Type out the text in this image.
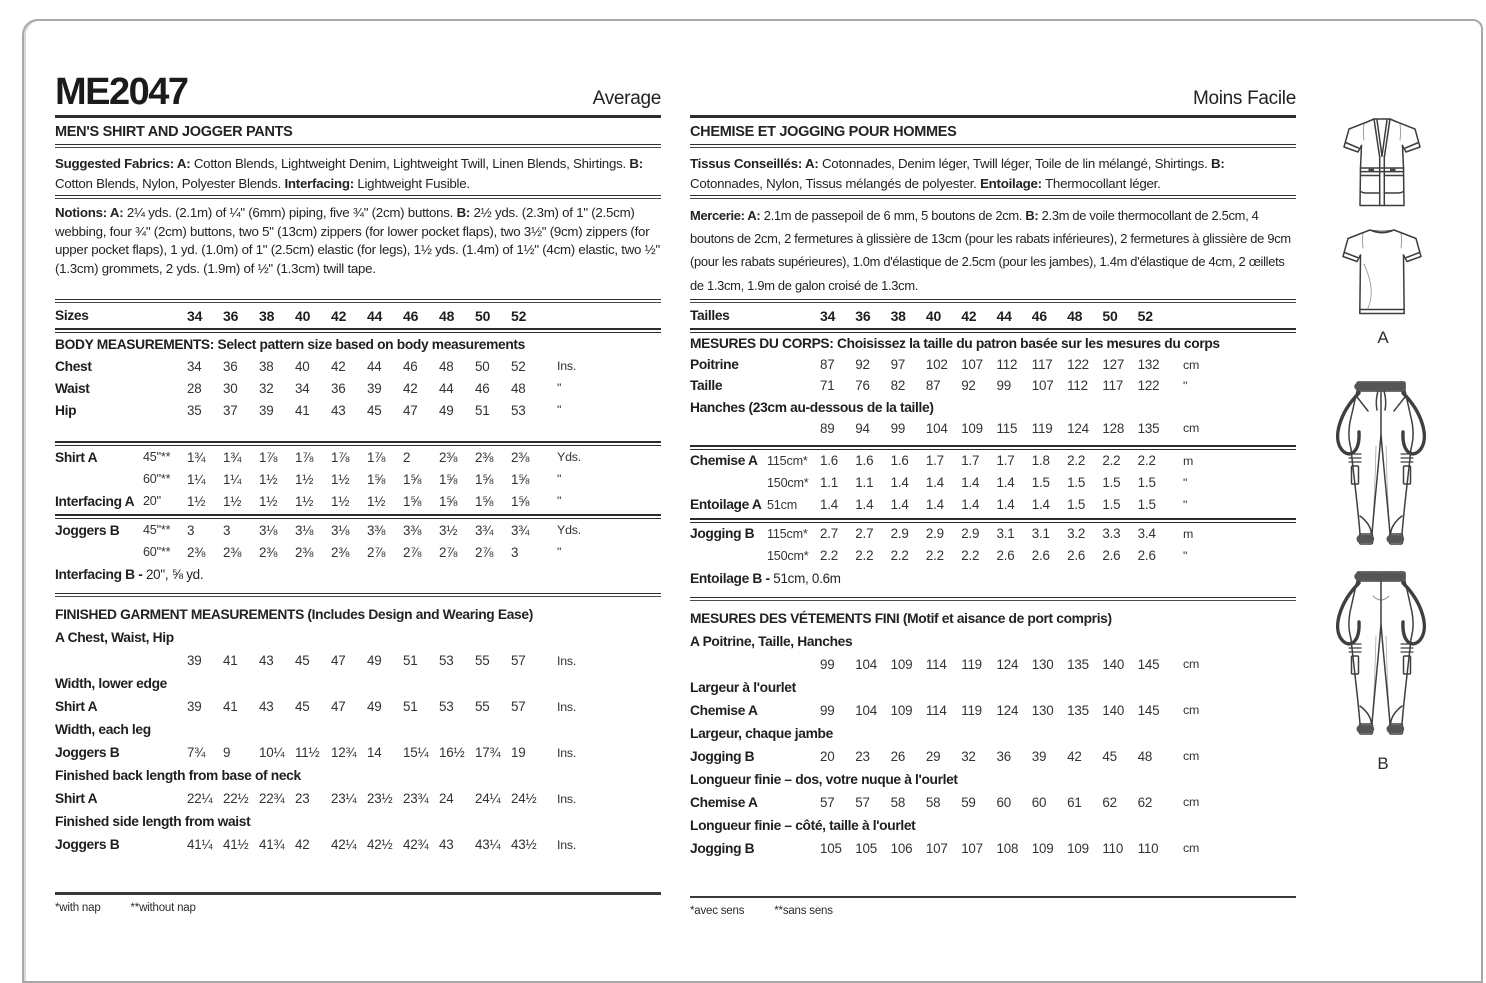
ME2047	Average
MEN'S SHIRT AND JOGGER PANTS
Suggested Fabrics: A: Cotton Blends, Lightweight Denim, Lightweight Twill, Linen Blends, Shirtings. B: Cotton Blends, Nylon, Polyester Blends. Interfacing: Lightweight Fusible.
Notions: A: 2¼ yds. (2.1m) of ¼" (6mm) piping, five ¾" (2cm) buttons. B: 2½ yds. (2.3m) of 1" (2.5cm) webbing, four ¾" (2cm) buttons, two 5" (13cm) zippers (for lower pocket flaps), two 3½" (9cm) zippers (for upper pocket flaps), 1 yd. (1.0m) of 1" (2.5cm) elastic (for legs), 1½ yds. (1.4m) of 1½" (4cm) elastic, two ½" (1.3cm) grommets, 2 yds. (1.9m) of ½" (1.3cm) twill tape.
Sizes	34	36	38	40	42	44	46	48	50	52
BODY MEASUREMENTS: Select pattern size based on body measurements
Chest	34	36	38	40	42	44	46	48	50	52	Ins.
Waist	28	30	32	34	36	39	42	44	46	48	"
Hip	35	37	39	41	43	45	47	49	51	53	"
Shirt A	45"**	1¾	1¾	1⅞	1⅞	1⅞	1⅞	2	2⅜	2⅜	2⅜	Yds.
60"**	1¼	1¼	1½	1½	1½	1⅝	1⅝	1⅝	1⅝	1⅝	"
Interfacing A 20"	1½	1½	1½	1½	1½	1½	1⅝	1⅝	1⅝	1⅝	"
Joggers B	45"**	3	3	3⅛	3⅛	3⅛	3⅜	3⅜	3½	3¾	3¾	Yds.
60"**	2⅜	2⅜	2⅜	2⅜	2⅜	2⅞	2⅞	2⅞	2⅞	3	"
Interfacing B - 20", ⅝ yd.
FINISHED GARMENT MEASUREMENTS (Includes Design and Wearing Ease)
A Chest, Waist, Hip
39	41	43	45	47	49	51	53	55	57	Ins.
Width, lower edge
Shirt A	39	41	43	45	47	49	51	53	55	57	Ins.
Width, each leg
Joggers B	7¾	9	10¼ 11½ 12¾ 14	15¼ 16½ 17¾ 19	Ins.
Finished back length from base of neck
Shirt A	22¼ 22½ 22¾ 23	23¼ 23½ 23¾ 24	24¼ 24½	Ins.
Finished side length from waist
Joggers B	41¼ 41½ 41¾ 42	42¼ 42½ 42¾ 43	43¼ 43½	Ins.
*with nap	**without nap
Moins Facile
CHEMISE ET JOGGING POUR HOMMES
Tissus Conseillés: A: Cotonnades, Denim léger, Twill léger, Toile de lin mélangé, Shirtings. B: Cotonnades, Nylon, Tissus mélangés de polyester. Entoilage: Thermocollant léger.
Mercerie: A: 2.1m de passepoil de 6 mm, 5 boutons de 2cm. B: 2.3m de voile thermocollant de 2.5cm, 4 boutons de 2cm, 2 fermetures à glissière de 13cm (pour les rabats inférieures), 2 fermetures à glissière de 9cm (pour les rabats supérieures), 1.0m d'élastique de 2.5cm (pour les jambes), 1.4m d'élastique de 4cm, 2 œillets de 1.3cm, 1.9m de galon croisé de 1.3cm.
Tailles	34	36	38	40	42	44	46	48	50	52
MESURES DU CORPS: Choisissez la taille du patron basée sur les mesures du corps
Poitrine	87	92	97	102	107	112	117	122	127	132	cm
Taille	71	76	82	87	92	99	107	112	117	122	"
Hanches (23cm au-dessous de la taille)
89	94	99	104	109	115	119	124	128	135	cm
Chemise A 115cm* 1.6	1.6	1.6	1.7	1.7	1.7	1.8	2.2	2.2	2.2	m
150cm* 1.1	1.1	1.4	1.4	1.4	1.4	1.5	1.5	1.5	1.5	"
Entoilage A 51cm	1.4	1.4	1.4	1.4	1.4	1.4	1.4	1.5	1.5	1.5	"
Jogging B	115cm* 2.7	2.7	2.9	2.9	2.9	3.1	3.1	3.2	3.3	3.4	m
150cm* 2.2	2.2	2.2	2.2	2.2	2.6	2.6	2.6	2.6	2.6	"
Entoilage B - 51cm, 0.6m
MESURES DES VÉTEMENTS FINI (Motif et aisance de port compris)
A Poitrine, Taille, Hanches
99	104	109	114	119	124	130	135	140	145	cm
Largeur à l'ourlet
Chemise A	99	104	109	114	119	124	130	135	140	145	cm
Largeur, chaque jambe
Jogging B	20	23	26	29	32	36	39	42	45	48	cm
Longueur finie – dos, votre nuque à l'ourlet
Chemise A	57	57	58	58	59	60	60	61	62	62	cm
Longueur finie – côté, taille à l'ourlet
Jogging B	105	105	106	107	107	108	109	109	110	110	cm
*avec sens	**sans sens
A
B
